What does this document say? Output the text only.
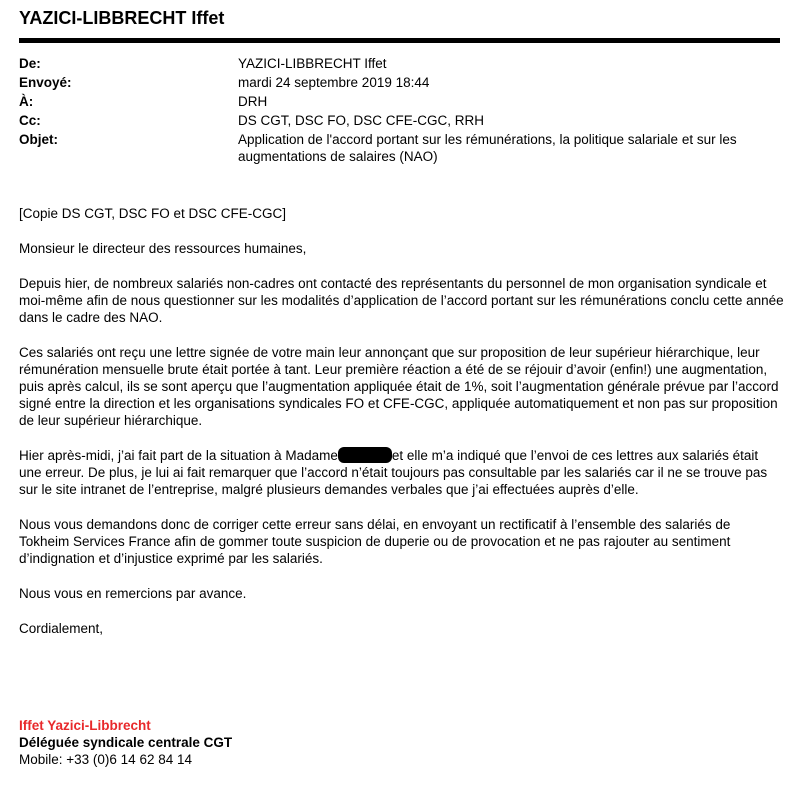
YAZICI-LIBBRECHT Iffet
De:	YAZICI-LIBBRECHT Iffet
Envoyé:	mardi 24 septembre 2019 18:44
À:	DRH
Cc:	DS CGT, DSC FO, DSC CFE-CGC, RRH
Objet:	Application de l'accord portant sur les rémunérations, la politique salariale et sur les augmentations de salaires (NAO)

[Copie DS CGT, DSC FO et DSC CFE-CGC]

Monsieur le directeur des ressources humaines,

Depuis hier, de nombreux salariés non-cadres ont contacté des représentants du personnel de mon organisation syndicale et moi-même afin de nous questionner sur les modalités d’application de l’accord portant sur les rémunérations conclu cette année dans le cadre des NAO.

Ces salariés ont reçu une lettre signée de votre main leur annonçant que sur proposition de leur supérieur hiérarchique, leur rémunération mensuelle brute était portée à tant. Leur première réaction a été de se réjouir d’avoir (enfin!) une augmentation, puis après calcul, ils se sont aperçu que l’augmentation appliquée était de 1%, soit l’augmentation générale prévue par l’accord signé entre la direction et les organisations syndicales FO et CFE-CGC, appliquée automatiquement et non pas sur proposition de leur supérieur hiérarchique.

Hier après-midi, j’ai fait part de la situation à Madame	et elle m’a indiqué que l’envoi de ces lettres aux salariés était une erreur. De plus, je lui ai fait remarquer que l’accord n’était toujours pas consultable par les salariés car il ne se trouve pas sur le site intranet de l’entreprise, malgré plusieurs demandes verbales que j’ai effectuées auprès d’elle.

Nous vous demandons donc de corriger cette erreur sans délai, en envoyant un rectificatif à l’ensemble des salariés de Tokheim Services France afin de gommer toute suspicion de duperie ou de provocation et ne pas rajouter au sentiment d’indignation et d’injustice exprimé par les salariés.

Nous vous en remercions par avance.

Cordialement,

Iffet Yazici-Libbrecht
Déléguée syndicale centrale CGT
Mobile: +33 (0)6 14 62 84 14
